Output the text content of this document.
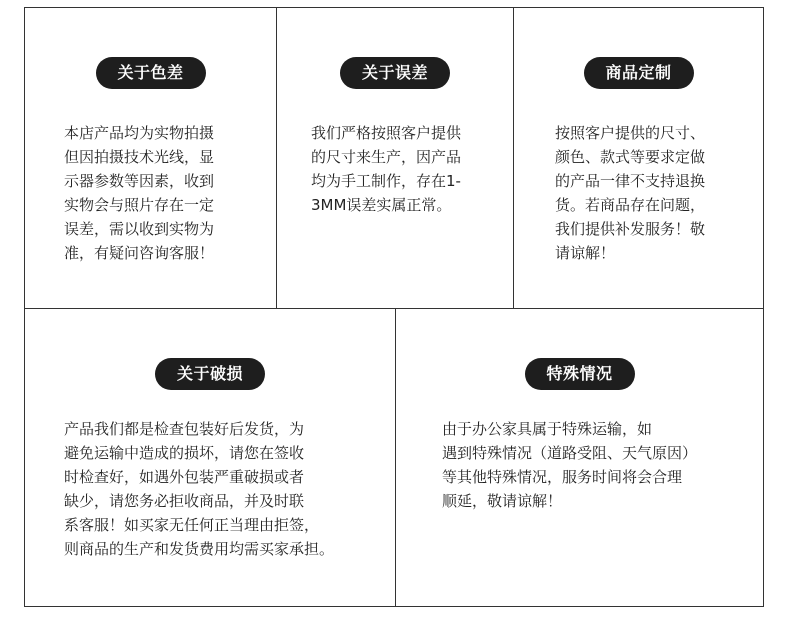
关于色差
本店产品均为实物拍摄
但因拍摄技术光线，显
示器参数等因素，收到
实物会与照片存在一定
误差，需以收到实物为
准，有疑问咨询客服！
关于误差
我们严格按照客户提供
的尺寸来生产，因产品
均为手工制作，存在1-
3MM误差实属正常。
商品定制
按照客户提供的尺寸、
颜色、款式等要求定做
的产品一律不支持退换
货。若商品存在问题，
我们提供补发服务！敬
请谅解！
关于破损
产品我们都是检查包装好后发货，为
避免运输中造成的损坏，请您在签收
时检查好，如遇外包装严重破损或者
缺少，请您务必拒收商品，并及时联
系客服！如买家无任何正当理由拒签，
则商品的生产和发货费用均需买家承担。
特殊情况
由于办公家具属于特殊运输，如
遇到特殊情况（道路受阻、天气原因）
等其他特殊情况，服务时间将会合理
顺延，敬请谅解！
